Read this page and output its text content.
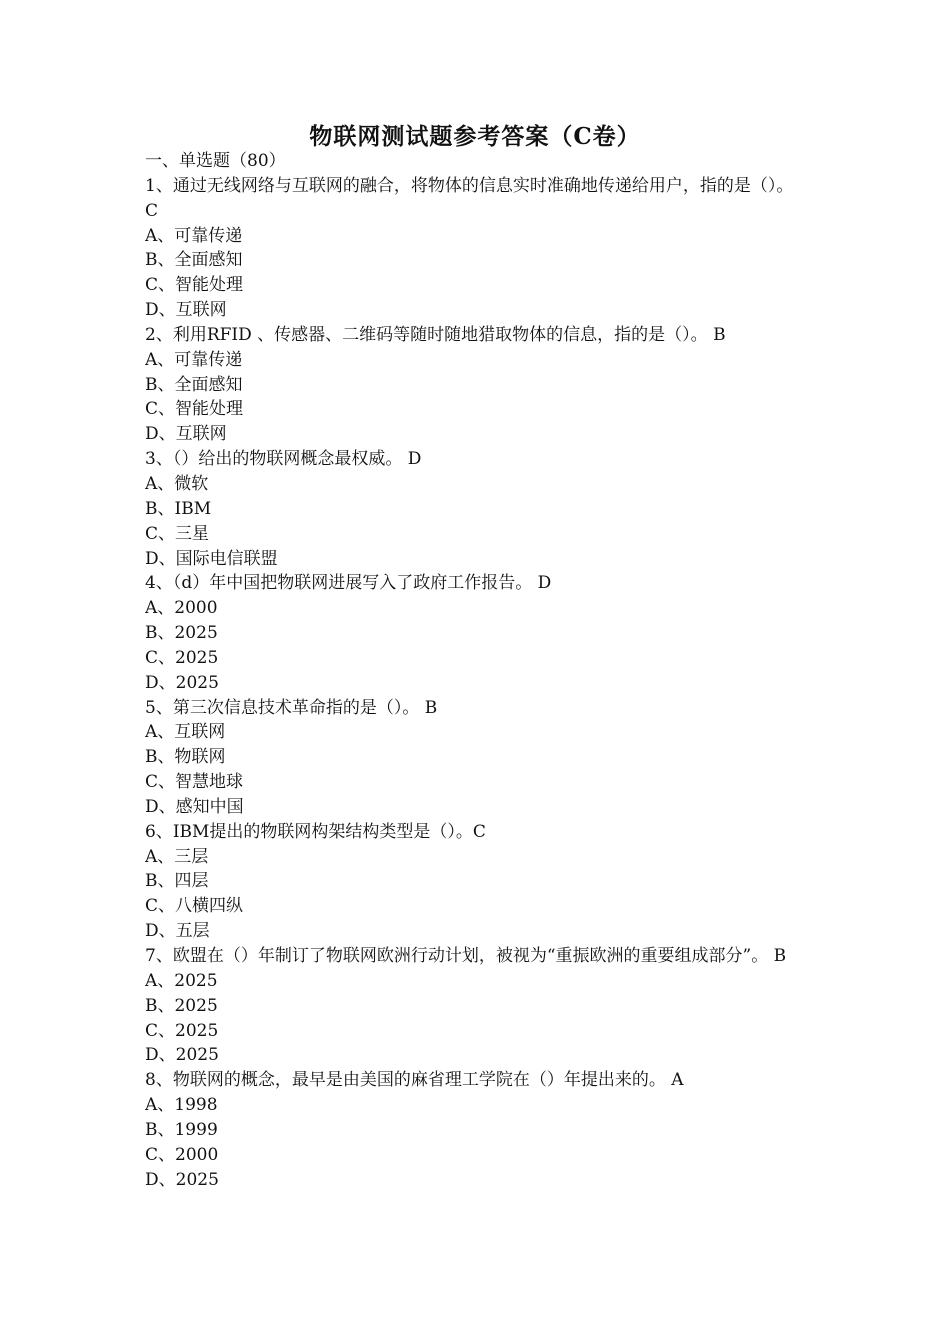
物联网测试题参考答案（C卷）
一、单选题（80）
1、通过无线网络与互联网的融合，将物体的信息实时准确地传递给用户，指的是（）。 C
A、可靠传递
B、全面感知
C、智能处理
D、互联网
2、利用RFID 、传感器、二维码等随时随地猎取物体的信息，指的是（）。 B
A、可靠传递
B、全面感知
C、智能处理
D、互联网
3、（）给出的物联网概念最权威。 D
A、微软
B、IBM
C、三星
D、国际电信联盟
4、（d）年中国把物联网进展写入了政府工作报告。 D
A、2000
B、2025
C、2025
D、2025
5、第三次信息技术革命指的是（）。 B
A、互联网
B、物联网
C、智慧地球
D、感知中国
6、IBM提出的物联网构架结构类型是（）。C
A、三层
B、四层
C、八横四纵
D、五层
7、欧盟在（）年制订了物联网欧洲行动计划，被视为“重振欧洲的重要组成部分”。 B
A、2025
B、2025
C、2025
D、2025
8、物联网的概念，最早是由美国的麻省理工学院在（）年提出来的。 A
A、1998
B、1999
C、2000
D、2025
